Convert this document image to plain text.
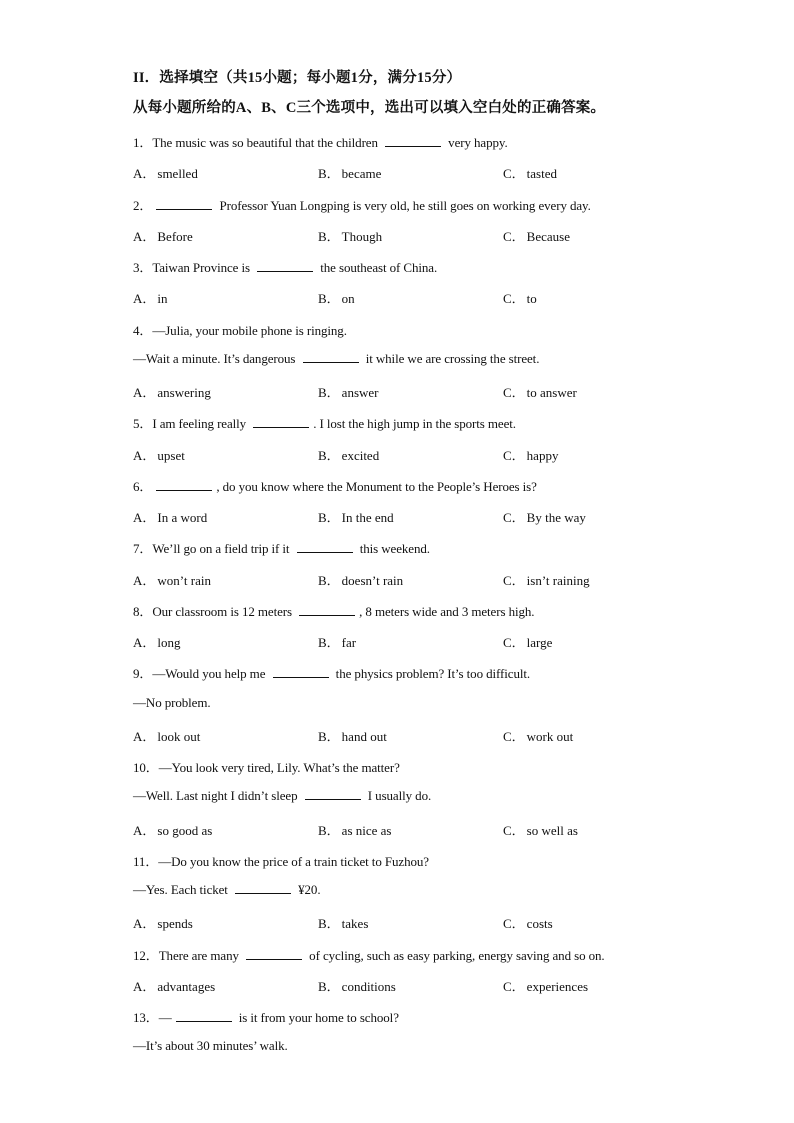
II．选择填空（共15小题；每小题1分，满分15分）
从每小题所给的A、B、C三个选项中，选出可以填入空白处的正确答案。
1．The music was so beautiful that the children	very happy.
A． smelled	B． became	C． tasted
2．	Professor Yuan Longping is very old, he still goes on working every day.
A． Before	B． Though	C． Because
3．Taiwan Province is	the southeast of China.
A． in	B． on	C． to
4．—Julia, your mobile phone is ringing.
—Wait a minute. It’s dangerous	it while we are crossing the street.
A． answering	B． answer	C． to answer
5．I am feeling really	. I lost the high jump in the sports meet.
A． upset	B． excited	C． happy
6．	, do you know where the Monument to the People’s Heroes is?
A． In a word	B． In the end	C． By the way
7．We’ll go on a field trip if it	this weekend.
A． won’t rain	B． doesn’t rain	C． isn’t raining
8．Our classroom is 12 meters	, 8 meters wide and 3 meters high.
A． long	B． far	C． large
9．—Would you help me	the physics problem? It’s too difficult.
—No problem.
A． look out	B． hand out	C． work out
10．—You look very tired, Lily. What’s the matter?
—Well. Last night I didn’t sleep	I usually do.
A． so good as	B． as nice as	C． so well as
11．—Do you know the price of a train ticket to Fuzhou?
—Yes. Each ticket	¥20.
A． spends	B． takes	C． costs
12．There are many	of cycling, such as easy parking, energy saving and so on.
A． advantages	B． conditions	C． experiences
13．—	is it from your home to school?
—It’s about 30 minutes’ walk.
